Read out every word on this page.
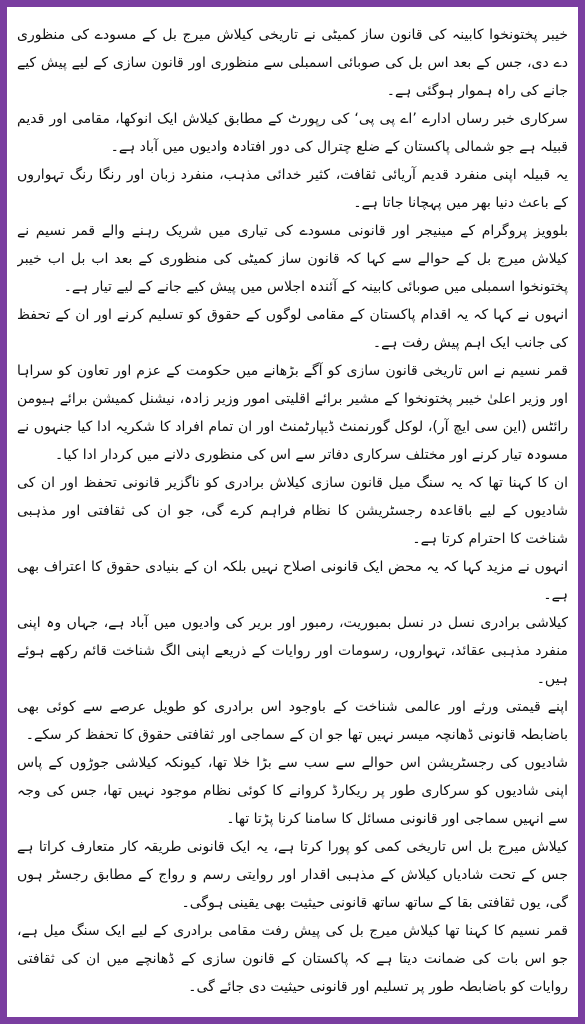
خیبر پختونخوا کابینہ کی قانون ساز کمیٹی نے تاریخی کیلاش میرج بل کے مسودے کی منظوری دے دی، جس کے بعد اس بل کی صوبائی اسمبلی سے منظوری اور قانون سازی کے لیے پیش کیے جانے کی راہ ہموار ہوگئی ہے۔

سرکاری خبر رساں ادارے ’اے پی پی‘ کی رپورٹ کے مطابق کیلاش ایک انوکھا، مقامی اور قدیم قبیلہ ہے جو شمالی پاکستان کے ضلع چترال کی دور افتادہ وادیوں میں آباد ہے۔

یہ قبیلہ اپنی منفرد قدیم آریائی ثقافت، کثیر خدائی مذہب، منفرد زبان اور رنگا رنگ تہواروں کے باعث دنیا بھر میں پہچانا جاتا ہے۔

بلوویز پروگرام کے مینیجر اور قانونی مسودے کی تیاری میں شریک رہنے والے قمر نسیم نے کیلاش میرج بل کے حوالے سے کہا کہ قانون ساز کمیٹی کی منظوری کے بعد اب بل اب خیبر پختونخوا اسمبلی میں صوبائی کابینہ کے آئندہ اجلاس میں پیش کیے جانے کے لیے تیار ہے۔

انہوں نے کہا کہ یہ اقدام پاکستان کے مقامی لوگوں کے حقوق کو تسلیم کرنے اور ان کے تحفظ کی جانب ایک اہم پیش رفت ہے۔

قمر نسیم نے اس تاریخی قانون سازی کو آگے بڑھانے میں حکومت کے عزم اور تعاون کو سراہا اور وزیر اعلیٰ خیبر پختونخوا کے مشیر برائے اقلیتی امور وزیر زادہ، نیشنل کمیشن برائے ہیومن رائٹس (این سی ایچ آر)، لوکل گورنمنٹ ڈیپارٹمنٹ اور ان تمام افراد کا شکریہ ادا کیا جنہوں نے مسودہ تیار کرنے اور مختلف سرکاری دفاتر سے اس کی منظوری دلانے میں کردار ادا کیا۔

ان کا کہنا تھا کہ یہ سنگ میل قانون سازی کیلاش برادری کو ناگزیر قانونی تحفظ اور ان کی شادیوں کے لیے باقاعدہ رجسٹریشن کا نظام فراہم کرے گی، جو ان کی ثقافتی اور مذہبی شناخت کا احترام کرتا ہے۔

انہوں نے مزید کہا کہ یہ محض ایک قانونی اصلاح نہیں بلکہ ان کے بنیادی حقوق کا اعتراف بھی ہے۔

کیلاشی برادری نسل در نسل بمبوریت، رمبور اور بریر کی وادیوں میں آباد ہے، جہاں وہ اپنی منفرد مذہبی عقائد، تہواروں، رسومات اور روایات کے ذریعے اپنی الگ شناخت قائم رکھے ہوئے ہیں۔

اپنے قیمتی ورثے اور عالمی شناخت کے باوجود اس برادری کو طویل عرصے سے کوئی بھی باضابطہ قانونی ڈھانچہ میسر نہیں تھا جو ان کے سماجی اور ثقافتی حقوق کا تحفظ کر سکے۔

شادیوں کی رجسٹریشن اس حوالے سے سب سے بڑا خلا تھا، کیونکہ کیلاشی جوڑوں کے پاس اپنی شادیوں کو سرکاری طور پر ریکارڈ کروانے کا کوئی نظام موجود نہیں تھا، جس کی وجہ سے انہیں سماجی اور قانونی مسائل کا سامنا کرنا پڑتا تھا۔

کیلاش میرج بل اس تاریخی کمی کو پورا کرتا ہے، یہ ایک قانونی طریقہ کار متعارف کراتا ہے جس کے تحت شادیاں کیلاش کے مذہبی اقدار اور روایتی رسم و رواج کے مطابق رجسٹر ہوں گی، یوں ثقافتی بقا کے ساتھ ساتھ قانونی حیثیت بھی یقینی ہوگی۔

قمر نسیم کا کہنا تھا کیلاش میرج بل کی پیش رفت مقامی برادری کے لیے ایک سنگ میل ہے، جو اس بات کی ضمانت دیتا ہے کہ پاکستان کے قانون سازی کے ڈھانچے میں ان کی ثقافتی روایات کو باضابطہ طور پر تسلیم اور قانونی حیثیت دی جائے گی۔
